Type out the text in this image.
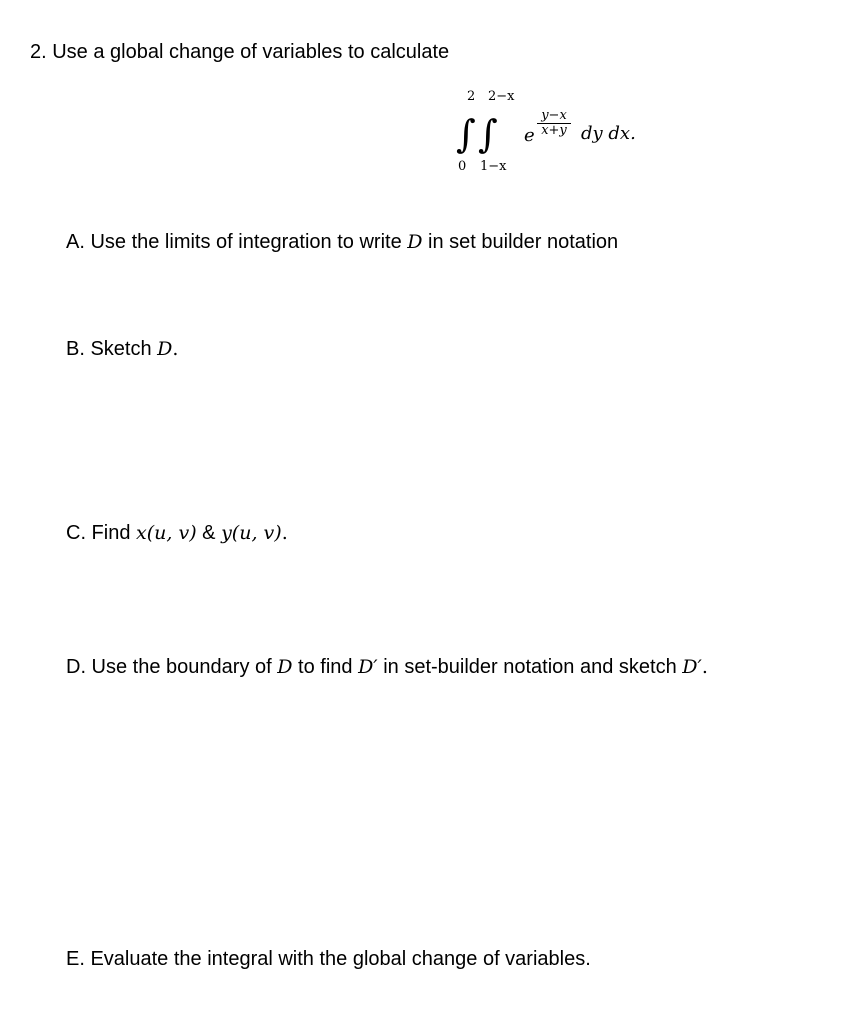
2. Use a global change of variables to calculate
2 2−x
∫ ∫
0 1−x
e
y−x
x+y dy dx.
A. Use the limits of integration to write D in set builder notation
B. Sketch D.
C. Find x(u, v) & y(u, v).
D. Use the boundary of D to find D′ in set-builder notation and sketch D′.
E. Evaluate the integral with the global change of variables.
